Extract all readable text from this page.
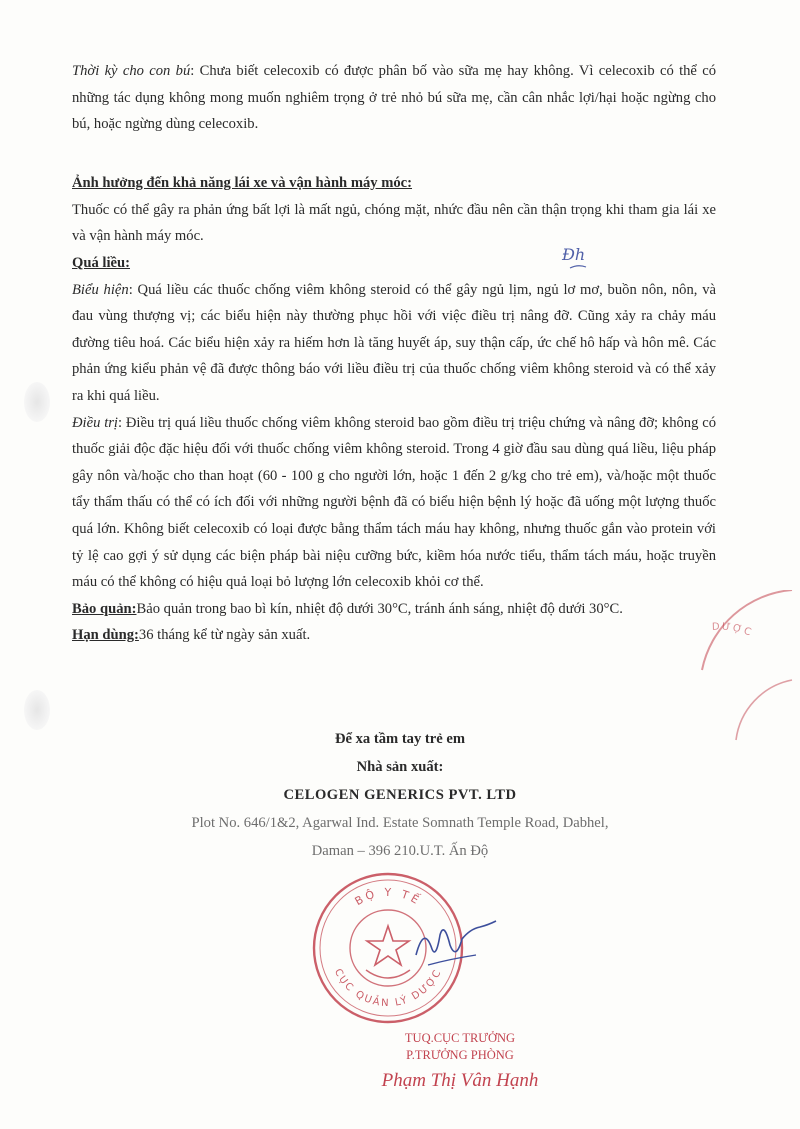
Thời kỳ cho con bú: Chưa biết celecoxib có được phân bố vào sữa mẹ hay không. Vì celecoxib có thể có những tác dụng không mong muốn nghiêm trọng ở trẻ nhỏ bú sữa mẹ, cần cân nhắc lợi/hại hoặc ngừng cho bú, hoặc ngừng dùng celecoxib.

Ảnh hưởng đến khả năng lái xe và vận hành máy móc:

Thuốc có thể gây ra phản ứng bất lợi là mất ngủ, chóng mặt, nhức đầu nên cần thận trọng khi tham gia lái xe và vận hành máy móc.

Đh

Quá liều:

Biểu hiện: Quá liều các thuốc chống viêm không steroid có thể gây ngủ lịm, ngủ lơ mơ, buồn nôn, nôn, và đau vùng thượng vị; các biểu hiện này thường phục hồi với việc điều trị nâng đỡ. Cũng xảy ra chảy máu đường tiêu hoá. Các biểu hiện xảy ra hiếm hơn là tăng huyết áp, suy thận cấp, ức chế hô hấp và hôn mê. Các phản ứng kiểu phản vệ đã được thông báo với liều điều trị của thuốc chống viêm không steroid và có thể xảy ra khi quá liều.

Điều trị: Điều trị quá liều thuốc chống viêm không steroid bao gồm điều trị triệu chứng và nâng đỡ; không có thuốc giải độc đặc hiệu đối với thuốc chống viêm không steroid. Trong 4 giờ đầu sau dùng quá liều, liệu pháp gây nôn và/hoặc cho than hoạt (60 - 100 g cho người lớn, hoặc 1 đến 2 g/kg cho trẻ em), và/hoặc một thuốc tẩy thẩm thấu có thể có ích đối với những người bệnh đã có biểu hiện bệnh lý hoặc đã uống một lượng thuốc quá lớn. Không biết celecoxib có loại được bằng thẩm tách máu hay không, nhưng thuốc gắn vào protein với tỷ lệ cao gợi ý sử dụng các biện pháp bài niệu cưỡng bức, kiềm hóa nước tiểu, thẩm tách máu, hoặc truyền máu có thể không có hiệu quả loại bỏ lượng lớn celecoxib khỏi cơ thể.

Bảo quản:Bảo quản trong bao bì kín, nhiệt độ dưới 30°C, tránh ánh sáng, nhiệt độ dưới 30°C.

Hạn dùng:36 tháng kể từ ngày sản xuất.

Để xa tầm tay trẻ em
Nhà sản xuất:
CELOGEN GENERICS PVT. LTD
Plot No. 646/1&2, Agarwal Ind. Estate Somnath Temple Road, Dabhel,
Daman – 396 210.U.T. Ấn Độ
BỘ Y TẾ
CỤC QUẢN LÝ DƯỢC
DƯỢC
TUQ.CỤC TRƯỞNG
P.TRƯỞNG PHÒNG
Phạm Thị Vân Hạnh
